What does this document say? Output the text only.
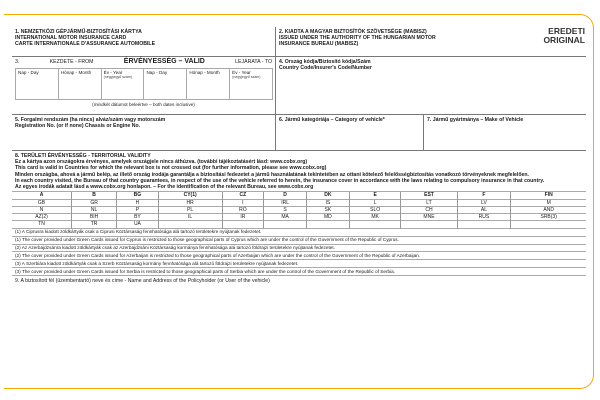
1. NEMZETKÖZI GÉPJÁRMŰ-BIZTOSÍTÁSI KÁRTYA
INTERNATIONAL MOTOR INSURANCE CARD
CARTE INTERNATIONALE D'ASSURANCE AUTOMOBILE
2. KIADTA A MAGYAR BIZTOSÍTÓK SZÖVETSÉGE (MABISZ)
ISSUED UNDER THE AUTHORITY OF THE HUNGARIAN MOTOR
INSURANCE BUREAU (MABISZ)
3.	KEZDETE - FROM	ÉRVÉNYESSÉG – VALID	LEJÁRATA - TO
Nap - Day	Hónap - Month	Év - Year
(négyjegyű szám)
Nap - Day	Hónap - Month	Év - Year
(négyjegyű szám)
(mindkét dátumot beleértve – both dates inclusive)
4. Ország kódja/Biztosító kódja/Szám
Country Code/Insurer's Code/Number
5. Forgalmi rendszám (ha nincs) alváz/szám vagy motorszám
Registration No. (or if none) Chassis or Engine No.
6. Jármű kategóriája – Category of vehicle*	7. Jármű gyártmánya – Make of Vehicle
8. TERÜLETI ÉRVÉNYESSÉG - TERRITORIAL VALIDITY
Ez a kártya azon országokra érvényes, amelyek országjele nincs áthúzva. (további tájékoztatásért lásd: www.cobx.org)
This card is valid in Countries for which the relevant box is not crossed out (for further information, please see www.cobx.org)
Minden országba, ahová a jármű belép, az illető ország irodája garantálja a biztosítási fedezetet a jármű használatának tekintetében az ottani kötelező felelősségbiztosítás vonatkozó törvényeknek megfelelően.
In each country visited, the Bureau of that country guarantees, in respect of the use of the vehicle referred to herein, the insurance cover in accordance with the laws relating to compulsory insurance in that country.
Az egyes irodák adatait lásd a www.cobx.org honlapon. – For the identification of the relevant Bureau, see www.cobx.org
A	B	BG	CY(1)	CZ	D	DK	E	EST	F	FIN
GB	GR	H	HR	I	IRL	IS	L	LT	LV	M
N	NL	P	PL	RO	S	SK	SLO	CH	AL	AND
AZ(2)	BIH	BY	IL	IR	MA	MD	MK	MNE	RUS	SRB(3)
TN	TR	UA								
(1) A Ciprusra kiadott zöldkártyák csak a Ciprusi Köztársaság fennhatósága alá tartozó területekre nyújtanak fedezetet.
(1) The cover provided under Green Cards issued for Cyprus is restricted to those geographical parts of Cyprus which are under the control of the Government of the Republic of Cyprus.
(2) Az Azerbajdzsánra kiadott zöldkártyák csak az Azerbajdzsáni Köztársaság kormánya fennhatósága alá tartozó földrajzi területekre nyújtanak fedezetet.
(2) The cover provided under Green Cards issued for Azerbaijan is restricted to those geographical parts of Azerbaijan which are under the control of the Government of the Republic of Azerbaijan.
(3) A Szerbiára kiadott zöldkártyák csak a Szerb Köztársaság kormány fennhatósága alá tartozó földrajzi területekre nyújtanak fedezetet.
(3) The cover provided under Green Cards issued for Serbia is restricted to those geographical parts of Serbia which are under the control of the Government of the Republic of Serbia.
9. A biztosított fél (üzembentartó) neve és címe - Name and Address of the Policyholder (or User of the vehicle)
EREDETI
ORIGINAL
